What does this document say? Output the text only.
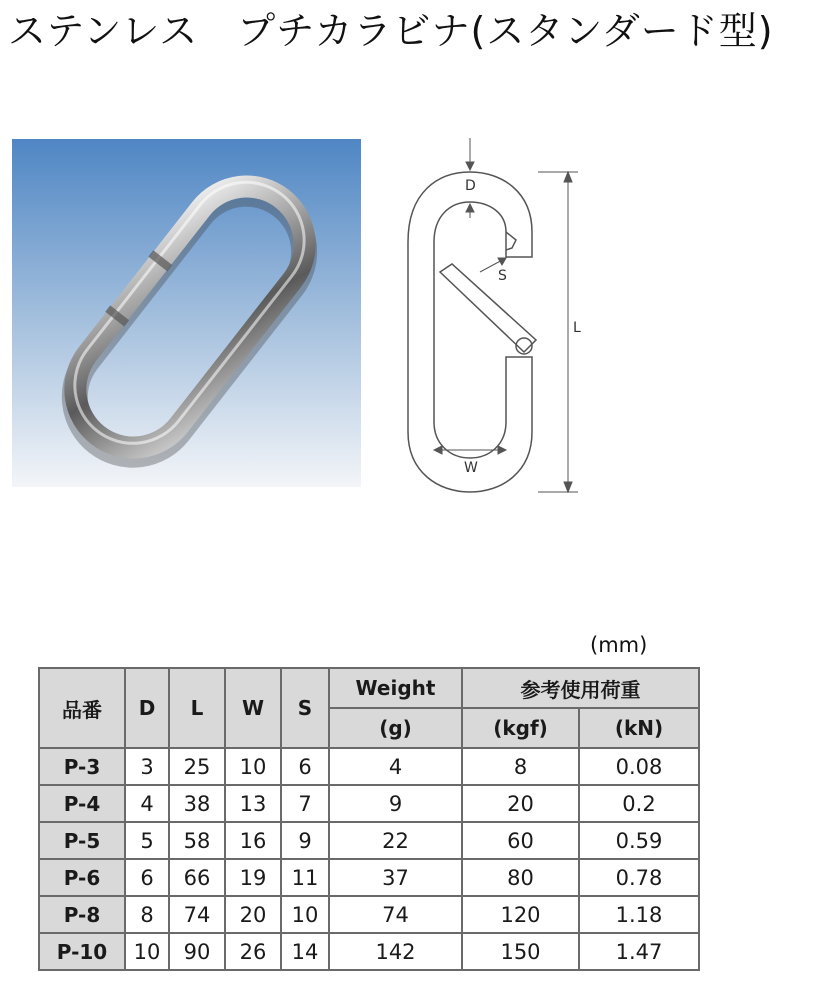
ステンレス　プチカラビナ(スタンダード型)
D
S
L
W
(mm)
品番	D	L	W	S	Weight	参考使用荷重	
					(g)	(kgf)	(kN)
P-3	3	25	10	6	4	8	0.08
P-4	4	38	13	7	9	20	0.2
P-5	5	58	16	9	22	60	0.59
P-6	6	66	19	11	37	80	0.78
P-8	8	74	20	10	74	120	1.18
P-10	10	90	26	14	142	150	1.47
